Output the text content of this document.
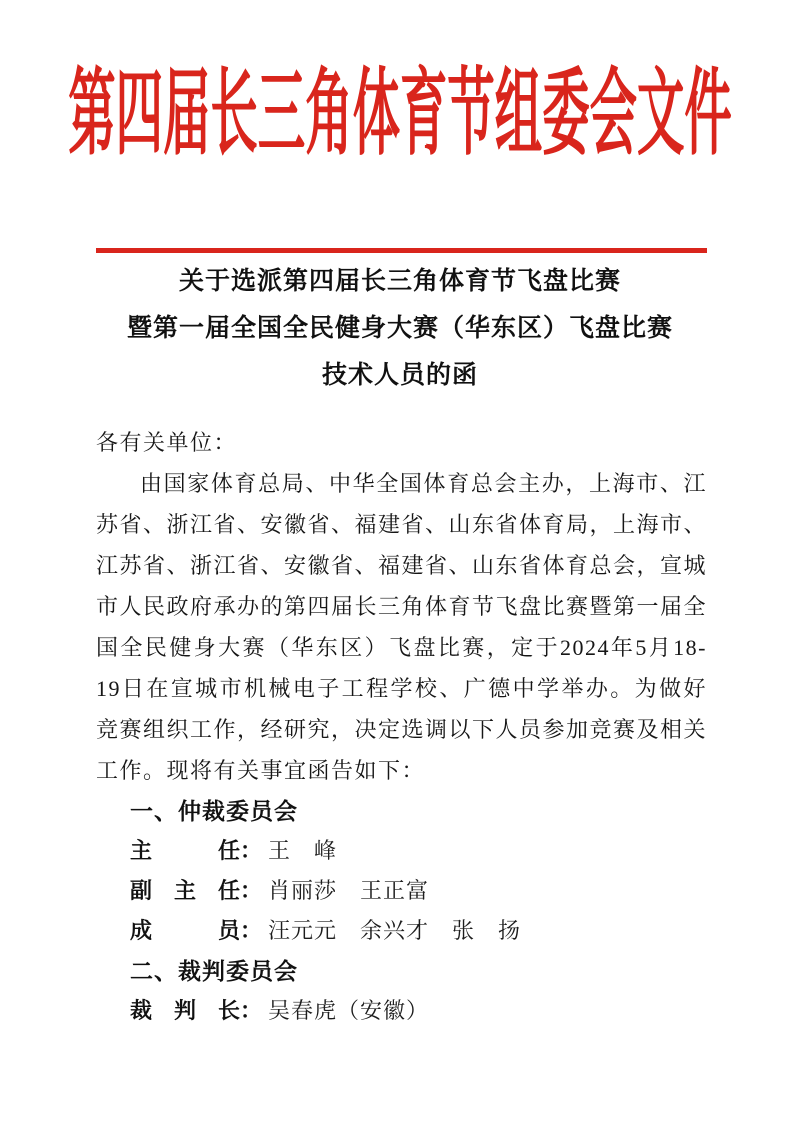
第四届长三角体育节组委会文件
关于选派第四届长三角体育节飞盘比赛
暨第一届全国全民健身大赛（华东区）飞盘比赛
技术人员的函
各有关单位：

由国家体育总局、中华全国体育总会主办，上海市、江苏省、浙江省、安徽省、福建省、山东省体育局，上海市、江苏省、浙江省、安徽省、福建省、山东省体育总会，宣城市人民政府承办的第四届长三角体育节飞盘比赛暨第一届全国全民健身大赛（华东区）飞盘比赛，定于2024年5月18-19日在宣城市机械电子工程学校、广德中学举办。为做好竞赛组织工作，经研究，决定选调以下人员参加竞赛及相关工作。现将有关事宜函告如下：

一、仲裁委员会
主任： 王　峰
副主任： 肖丽莎　王正富
成员： 汪元元　余兴才　张　扬
二、裁判委员会
裁判长： 吴春虎（安徽）
